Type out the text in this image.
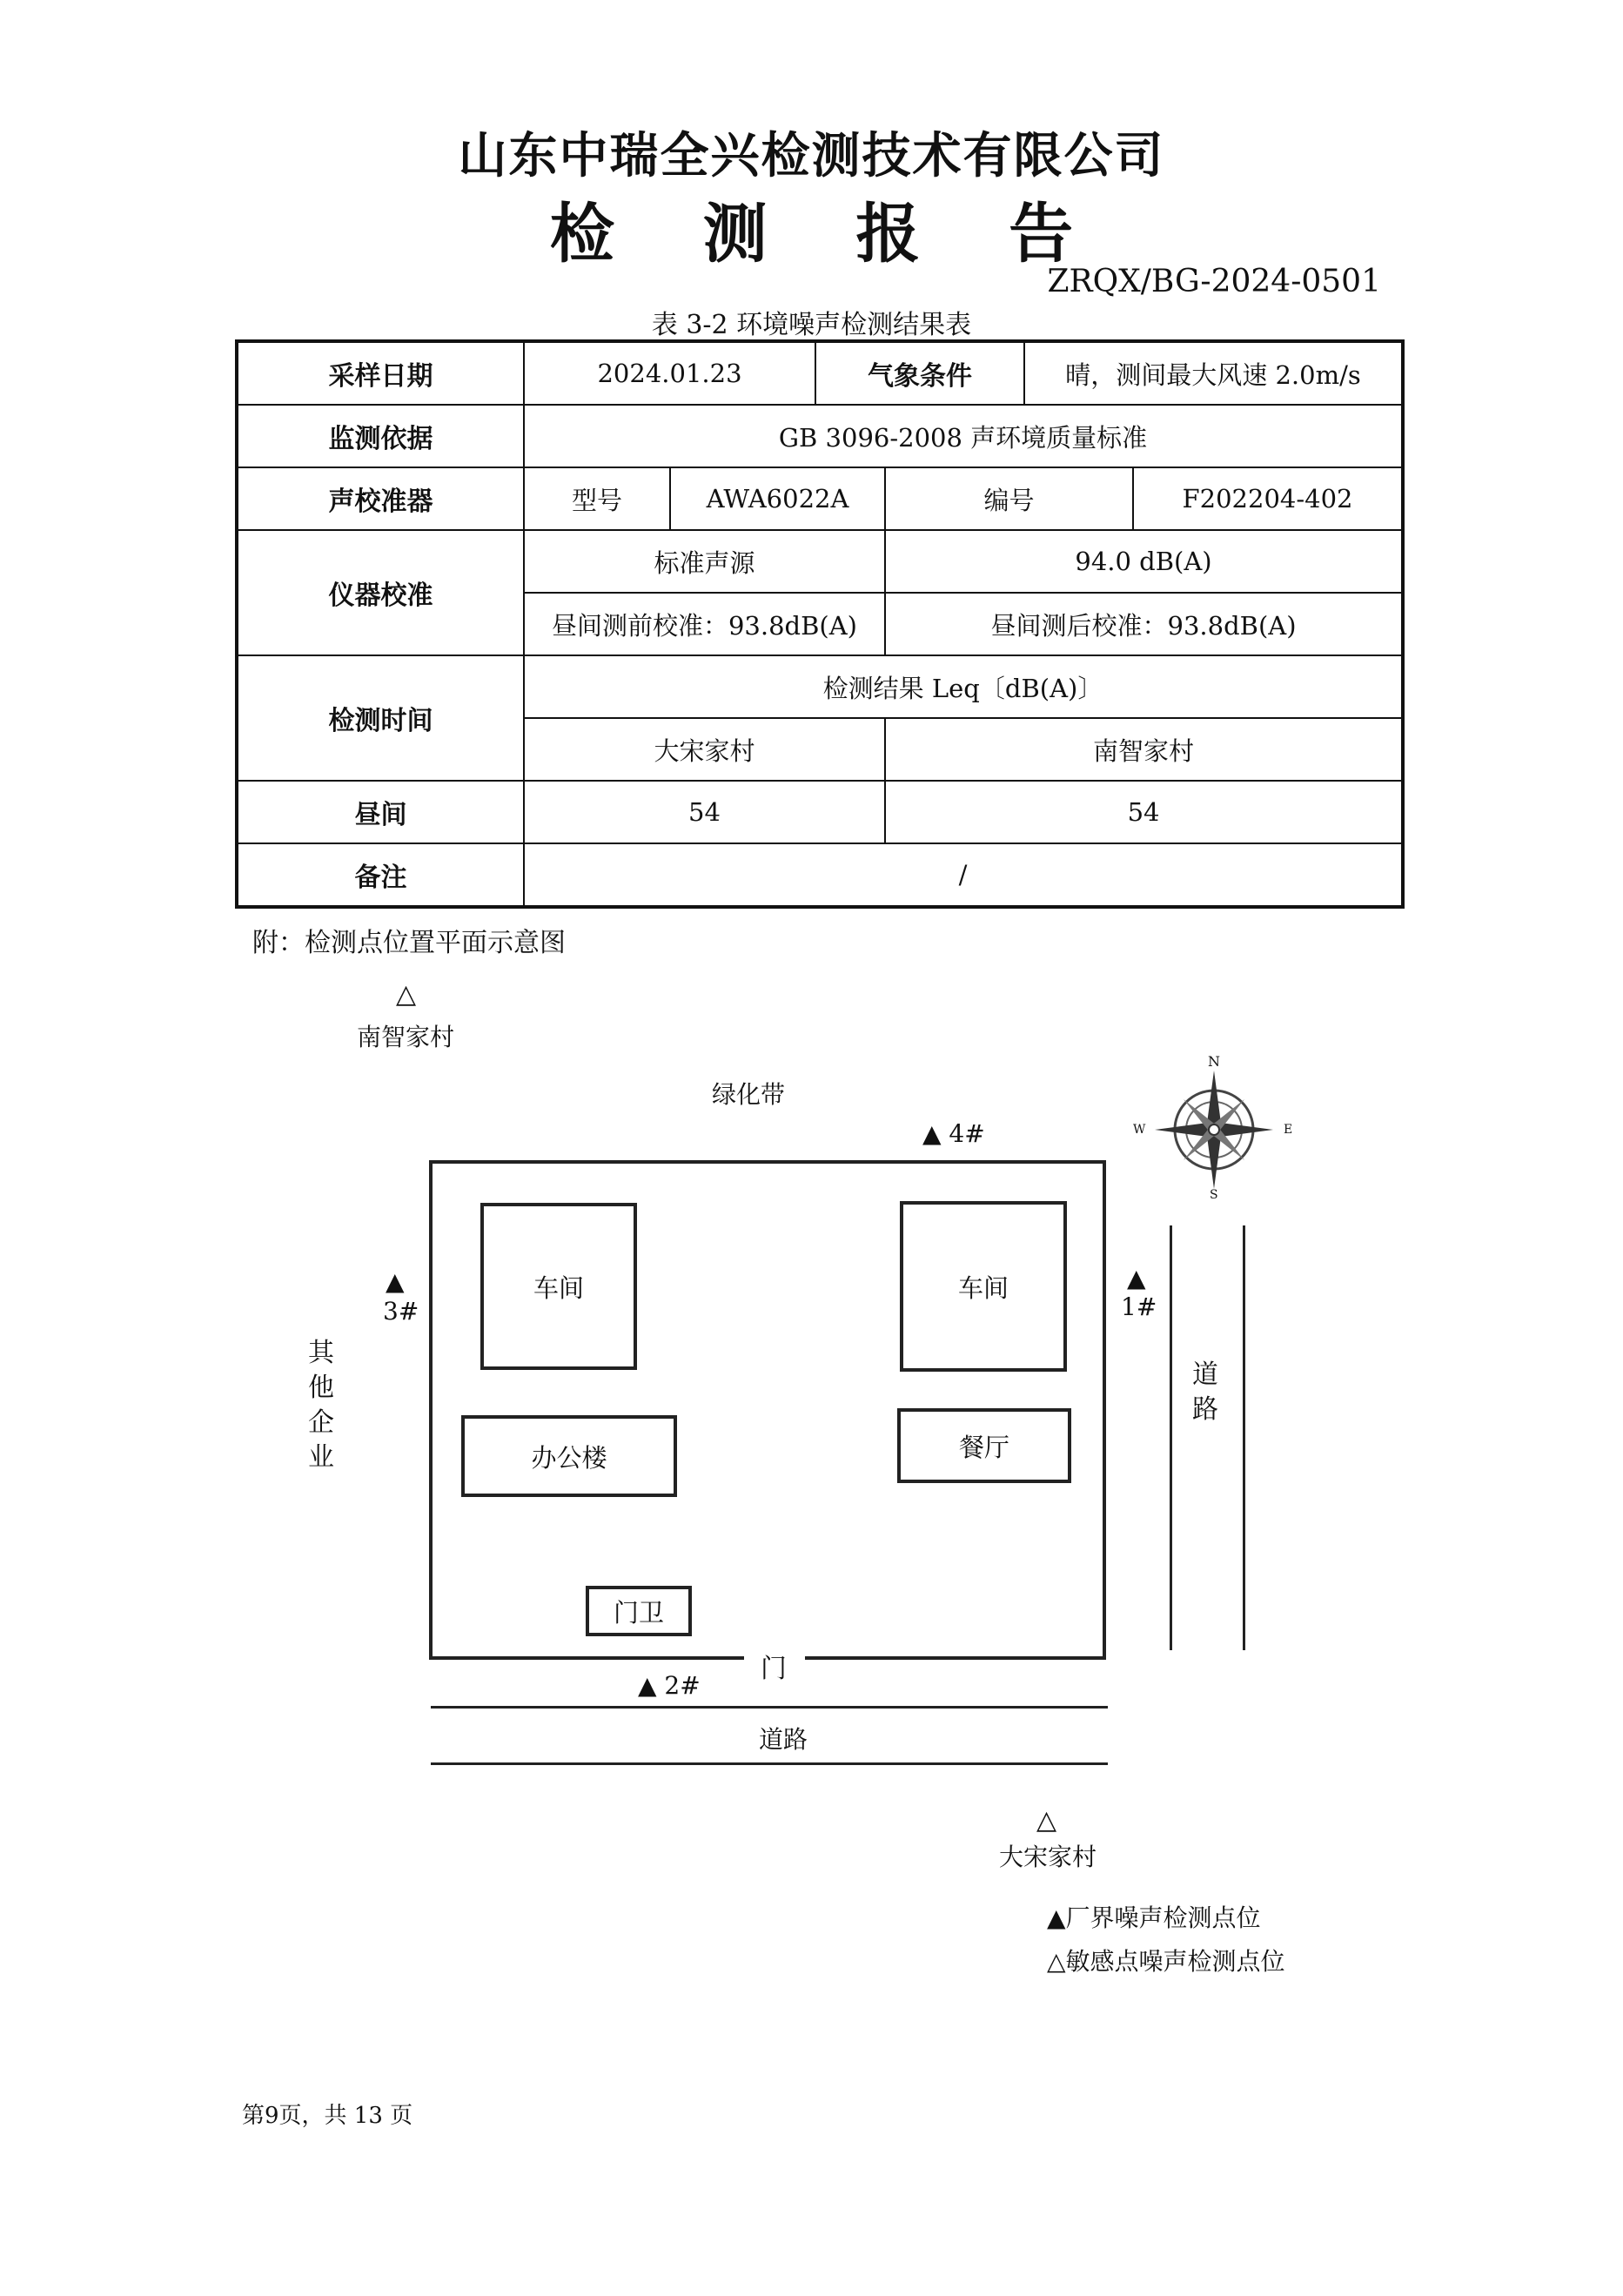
山东中瑞全兴检测技术有限公司
检 测 报 告
ZRQX/BG-2024-0501
表 3-2 环境噪声检测结果表
采样日期	2024.01.23		气象条件		晴，测间最大风速 2.0m/s	
监测依据	GB 3096-2008 声环境质量标准					
声校准器	型号	AWA6022A		编号		F202204-402
仪器校准	标准声源			94.0 dB(A)		
	昼间测前校准：93.8dB(A)			昼间测后校准：93.8dB(A)		
检测时间	检测结果 Leq〔dB(A)〕					
	大宋家村			南智家村		
昼间	54			54		
备注	/					
附：检测点位置平面示意图
△
南智家村
绿化带
N
S
E
W
▲ 4#
门
车间	车间
办公楼	餐厅
门卫
▲
3#
▲
1#
▲ 2#
其
他
企
业
道
路
道路
△
大宋家村
▲厂界噪声检测点位
△敏感点噪声检测点位
第9页，共 13 页
